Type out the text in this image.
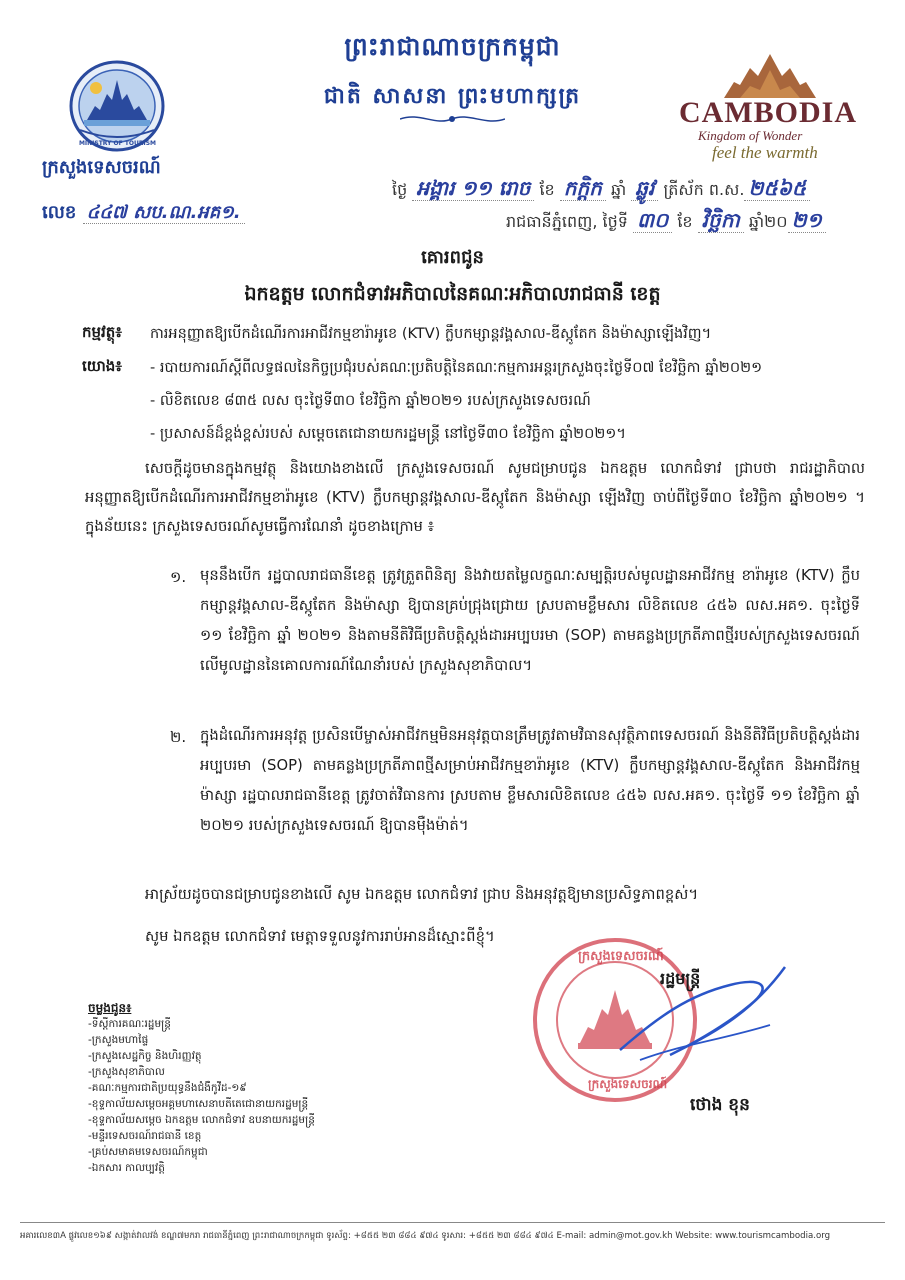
ព្រះរាជាណាចក្រកម្ពុជា
ជាតិ សាសនា ព្រះមហាក្សត្រ
MINISTRY OF TOURISM
ក្រសួងទេសចរណ៍
លេខ ៤៤៧ សប.ណ.អគ១.
CAMBODIA
Kingdom of Wonder
feel the warmth
ថ្ងៃ អង្គារ ១១ រោច ខែ កក្ដិក ឆ្នាំ ឆ្លូវ ត្រីស័ក ព.ស. ២៥៦៥
រាជធានីភ្នំពេញ, ថ្ងៃទី ៣០ ខែ វិច្ឆិកា ឆ្នាំ២០ ២១
គោរពជូន
ឯកឧត្ដម លោកជំទាវអភិបាលនៃគណៈអភិបាលរាជធានី ខេត្ត
កម្មវត្ថុ៖ ការអនុញ្ញាតឱ្យបើកដំណើរការអាជីវកម្មខារ៉ាអូខេ (KTV) ក្លឹបកម្សាន្តវង្គសាល-ឌីស្កូតែក និងម៉ាស្សាឡើងវិញ។
យោង៖ - របាយការណ៍ស្ដីពីលទ្ធផលនៃកិច្ចប្រជុំរបស់គណៈប្រតិបត្តិនៃគណៈកម្មការអន្តរក្រសួងចុះថ្ងៃទី០៧ ខែវិច្ឆិកា ឆ្នាំ២០២១
- លិខិតលេខ ៨៣៥ លស ចុះថ្ងៃទី៣០ ខែវិច្ឆិកា ឆ្នាំ២០២១ របស់ក្រសួងទេសចរណ៍
- ប្រសាសន៍ដ៏ខ្ពង់ខ្ពស់របស់ សម្ដេចតេជោនាយករដ្ឋមន្ត្រី នៅថ្ងៃទី៣០ ខែវិច្ឆិកា ឆ្នាំ២០២១។
សេចក្ដីដូចមានក្នុងកម្មវត្ថុ និងយោងខាងលើ ក្រសួងទេសចរណ៍ សូមជម្រាបជូន ឯកឧត្ដម លោកជំទាវ ជ្រាបថា រាជរដ្ឋាភិបាលអនុញ្ញាតឱ្យបើកដំណើរការអាជីវកម្មខារ៉ាអូខេ (KTV) ក្លឹបកម្សាន្តវង្គសាល-ឌីស្កូតែក និងម៉ាស្សា ឡើងវិញ ចាប់ពីថ្ងៃទី៣០ ខែវិច្ឆិកា ឆ្នាំ២០២១ ។ ក្នុងន័យនេះ ក្រសួងទេសចរណ៍សូមធ្វើការណែនាំ ដូចខាងក្រោម ៖
១. មុននឹងបើក រដ្ឋបាលរាជធានីខេត្ត ត្រូវត្រួតពិនិត្យ និងវាយតម្លៃលក្ខណៈសម្បត្តិរបស់មូលដ្ឋានអាជីវកម្ម ខារ៉ាអូខេ (KTV) ក្លឹបកម្សាន្តវង្គសាល-ឌីស្កូតែក និងម៉ាស្សា ឱ្យបានគ្រប់ជ្រុងជ្រោយ ស្របតាមខ្លឹមសារ លិខិតលេខ ៤៥៦ លស.អគ១. ចុះថ្ងៃទី ១១ ខែវិច្ឆិកា ឆ្នាំ ២០២១ និងតាមនីតិវិធីប្រតិបត្តិស្ដង់ដារអប្បបរមា (SOP) តាមគន្លងប្រក្រតីភាពថ្មីរបស់ក្រសួងទេសចរណ៍ លើមូលដ្ឋាននៃគោលការណ៍ណែនាំរបស់ ក្រសួងសុខាភិបាល។
២. ក្នុងដំណើរការអនុវត្ត ប្រសិនបើម្ចាស់អាជីវកម្មមិនអនុវត្តបានត្រឹមត្រូវតាមវិធានសុវត្ថិភាពទេសចរណ៍ និងនីតិវិធីប្រតិបត្តិស្ដង់ដារអប្បបរមា (SOP) តាមគន្លងប្រក្រតីភាពថ្មីសម្រាប់អាជីវកម្មខារ៉ាអូខេ (KTV) ក្លឹបកម្សាន្តវង្គសាល-ឌីស្កូតែក និងអាជីវកម្មម៉ាស្សា រដ្ឋបាលរាជធានីខេត្ត ត្រូវចាត់វិធានការ ស្របតាម ខ្លឹមសារលិខិតលេខ ៤៥៦ លស.អគ១. ចុះថ្ងៃទី ១១ ខែវិច្ឆិកា ឆ្នាំ ២០២១ របស់ក្រសួងទេសចរណ៍ ឱ្យបានម៉ឺងម៉ាត់។
អាស្រ័យដូចបានជម្រាបជូនខាងលើ សូម ឯកឧត្ដម លោកជំទាវ ជ្រាប និងអនុវត្តឱ្យមានប្រសិទ្ធភាពខ្ពស់។
សូម ឯកឧត្ដម លោកជំទាវ មេត្តាទទួលនូវការរាប់អានដ៏ស្មោះពីខ្ញុំ។
ក្រសួងទេសចរណ៍
ក្រសួងទេសចរណ៍
រដ្ឋមន្ត្រី
ថោង ខុន
ចម្លងជូន៖
-ទីស្ដីការគណៈរដ្ឋមន្ត្រី
-ក្រសួងមហាផ្ទៃ
-ក្រសួងសេដ្ឋកិច្ច និងហិរញ្ញវត្ថុ
-ក្រសួងសុខាភិបាល
-គណៈកម្មការជាតិប្រយុទ្ធនឹងជំងឺកូវីដ-១៩
-ខុទ្ទកាល័យសម្ដេចអគ្គមហាសេនាបតីតេជោនាយករដ្ឋមន្ត្រី
-ខុទ្ទកាល័យសម្ដេច ឯកឧត្ដម លោកជំទាវ ឧបនាយករដ្ឋមន្ត្រី
-មន្ទីរទេសចរណ៍រាជធានី ខេត្ត
-គ្រប់សមាគមទេសចរណ៍កម្ពុជា
-ឯកសារ កាលប្បវត្តិ
អគារលេខ៣A ផ្លូវលេខ១៦៩ សង្កាត់វាលវង់ ខណ្ឌ៧មករា រាជធានីភ្នំពេញ ព្រះរាជាណាចក្រកម្ពុជា ទូរស័ព្ទ: +៨៥៥ ២៣ ៨៨៤ ៩៧៤ ទូរសារ: +៨៥៥ ២៣ ៨៨៤ ៩៧៤ E-mail: admin@mot.gov.kh Website: www.tourismcambodia.org
